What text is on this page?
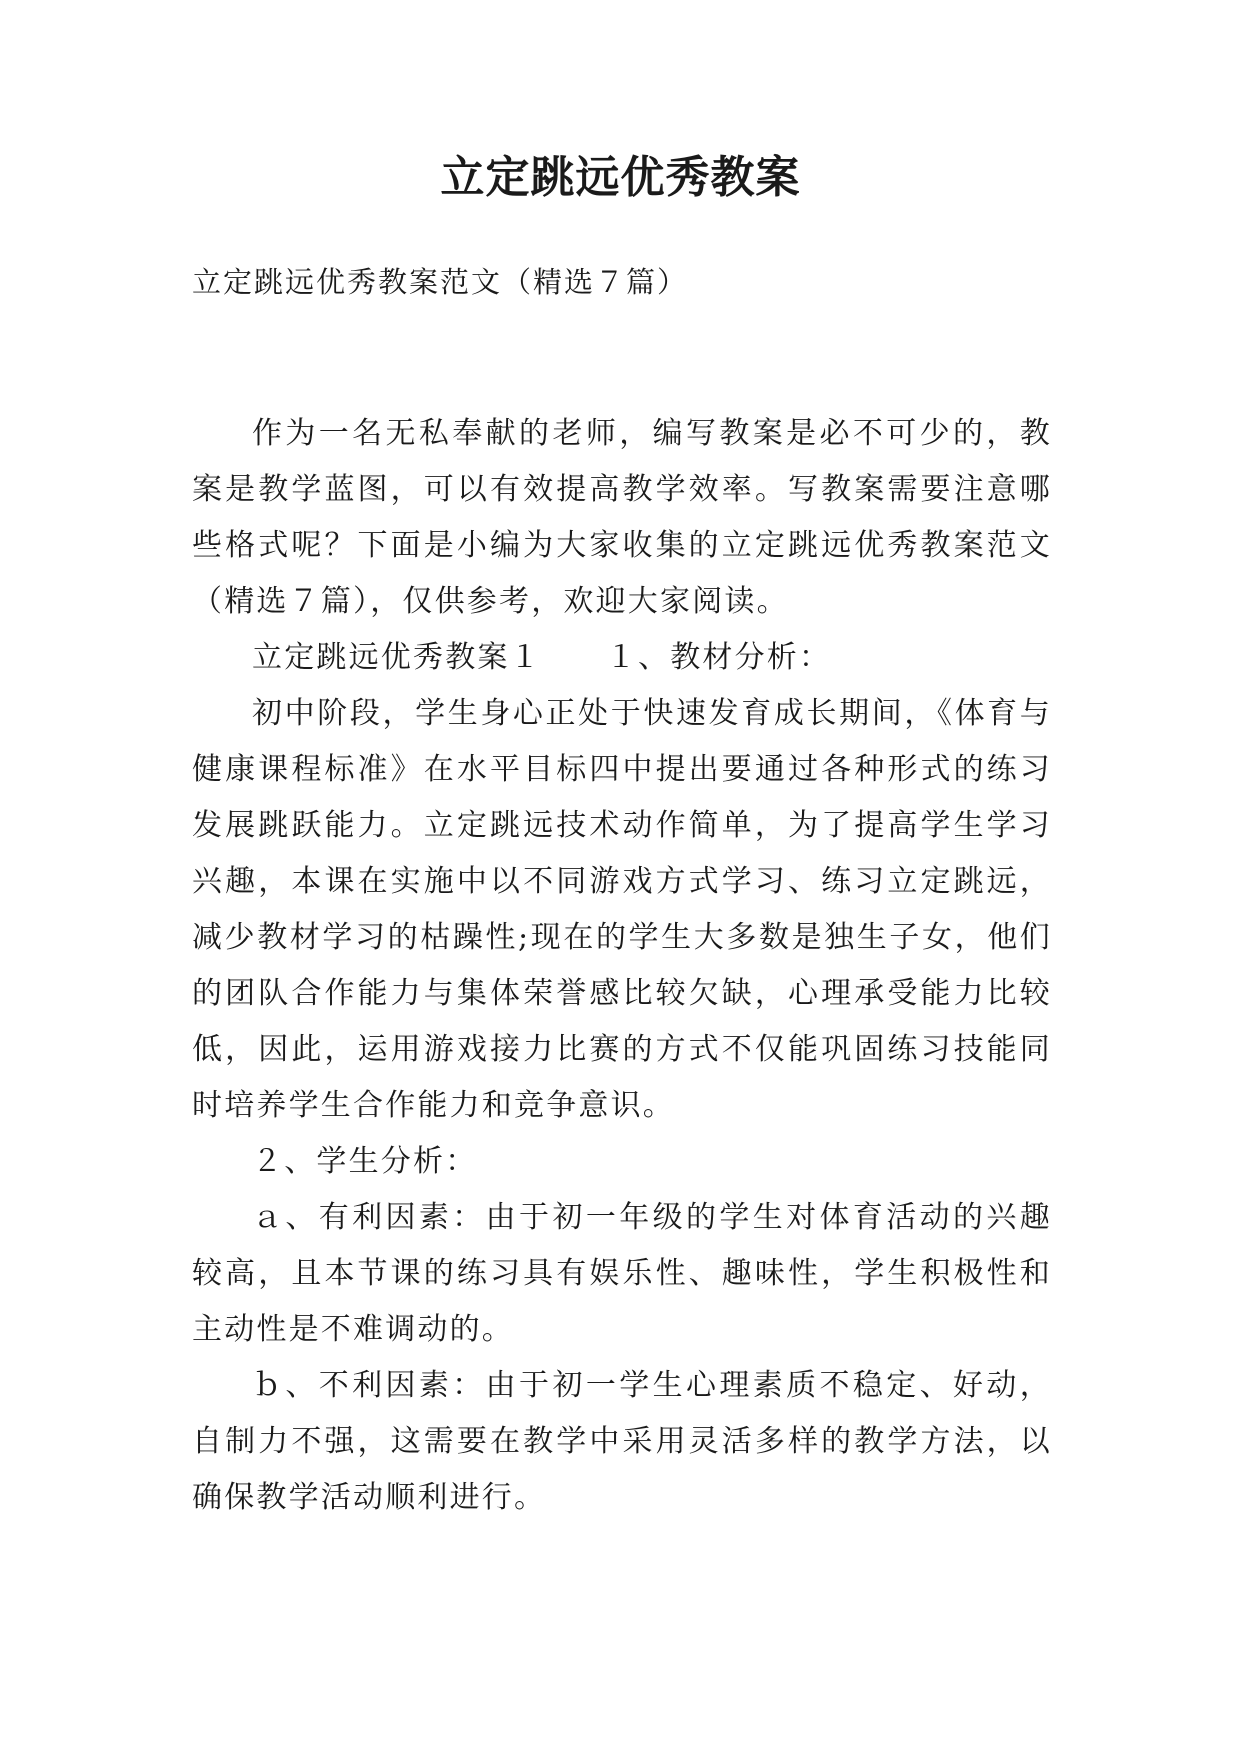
立定跳远优秀教案

立定跳远优秀教案范文（精选７篇）

作为一名无私奉献的老师，编写教案是必不可少的，教案是教学蓝图，可以有效提高教学效率。写教案需要注意哪些格式呢？下面是小编为大家收集的立定跳远优秀教案范文（精选７篇），仅供参考，欢迎大家阅读。

立定跳远优秀教案１ １、教材分析：

初中阶段，学生身心正处于快速发育成长期间，《体育与健康课程标准》在水平目标四中提出要通过各种形式的练习发展跳跃能力。立定跳远技术动作简单，为了提高学生学习兴趣，本课在实施中以不同游戏方式学习、练习立定跳远，减少教材学习的枯躁性;现在的学生大多数是独生子女，他们的团队合作能力与集体荣誉感比较欠缺，心理承受能力比较低，因此，运用游戏接力比赛的方式不仅能巩固练习技能同时培养学生合作能力和竞争意识。

２、学生分析：

ａ、有利因素：由于初一年级的学生对体育活动的兴趣较高，且本节课的练习具有娱乐性、趣味性，学生积极性和主动性是不难调动的。

ｂ、不利因素：由于初一学生心理素质不稳定、好动，自制力不强，这需要在教学中采用灵活多样的教学方法，以确保教学活动顺利进行。
